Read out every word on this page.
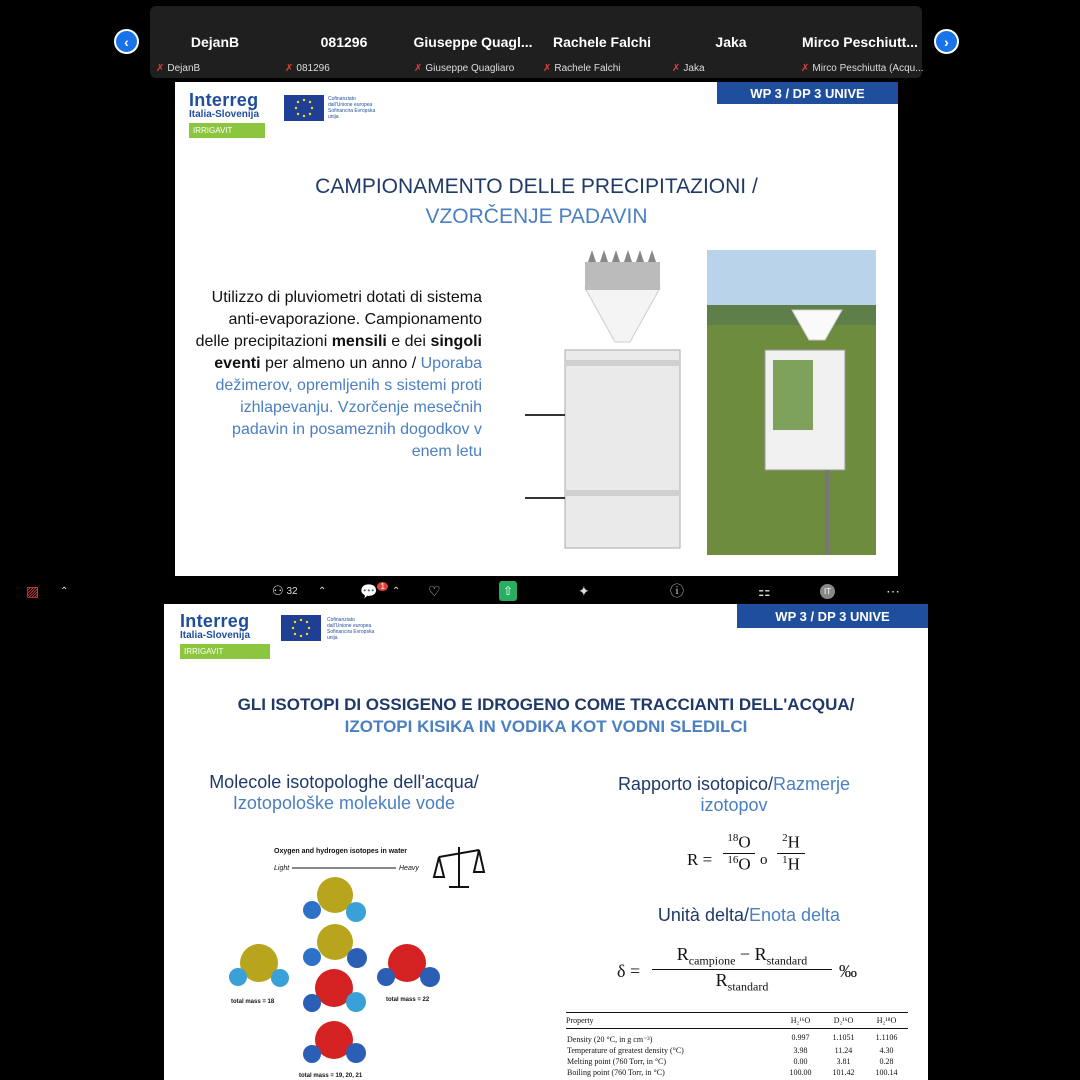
‹	›
DejanB
✗ DejanB
081296
✗ 081296
Giuseppe Quagl...
✗ Giuseppe Quagliaro
Rachele Falchi
✗ Rachele Falchi
Jaka
✗ Jaka
Mirco Peschiutt...
✗ Mirco Peschiutta (Acqu...
Interreg
Italia-Slovenija
IRRIGAVIT
Cofinanziato dall'Unione europea Sofinancira Evropska unija
WP 3 / DP 3 UNIVE
CAMPIONAMENTO DELLE PRECIPITAZIONI /
VZORČENJE PADAVIN
Utilizzo di pluviometri dotati di sistema anti-evaporazione. Campionamento delle precipitazioni mensili e dei singoli eventi per almeno un anno / Uporaba dežimerov, opremljenih s sistemi proti izhlapevanju. Vzorčenje mesečnih padavin in posameznih dogodkov v enem letu
▨ ⌃	⚇
32 ⌃ 💬 1 ⌃ ♡	⇧	✦	ⓘ	⚏	IT	⋯
Interreg
Italia-Slovenija
IRRIGAVIT
Cofinanziato dall'Unione europea Sofinancira Evropska unija
WP 3 / DP 3 UNIVE
GLI ISOTOPI DI OSSIGENO E IDROGENO COME TRACCIANTI DELL'ACQUA/
IZOTOPI KISIKA IN VODIKA KOT VODNI SLEDILCI
Molecole isotopologhe dell'acqua/
Izotopološke molekule vode
Rapporto isotopico/Razmerje izotopov
Oxygen and hydrogen isotopes in water
Light	Heavy
total mass = 18	total mass = 22
total mass = 19, 20, 21
R =
$^{18}$O
$^{16}$O o
$^2$H
$^1$H
Unità delta/Enota delta
δ =
$R_{campione} - R_{standard}$
$R_{standard}$
‰
Property	H₂¹⁶O	D₂¹⁶O	H₂¹⁸O
Density (20 °C, in g cm⁻³)	0.997	1.1051	1.1106
Temperature of greatest density (°C)	3.98	11.24	4.30
Melting point (760 Torr, in °C)	0.00	3.81	0.28
Boiling point (760 Torr, in °C)	100.00	101.42	100.14
